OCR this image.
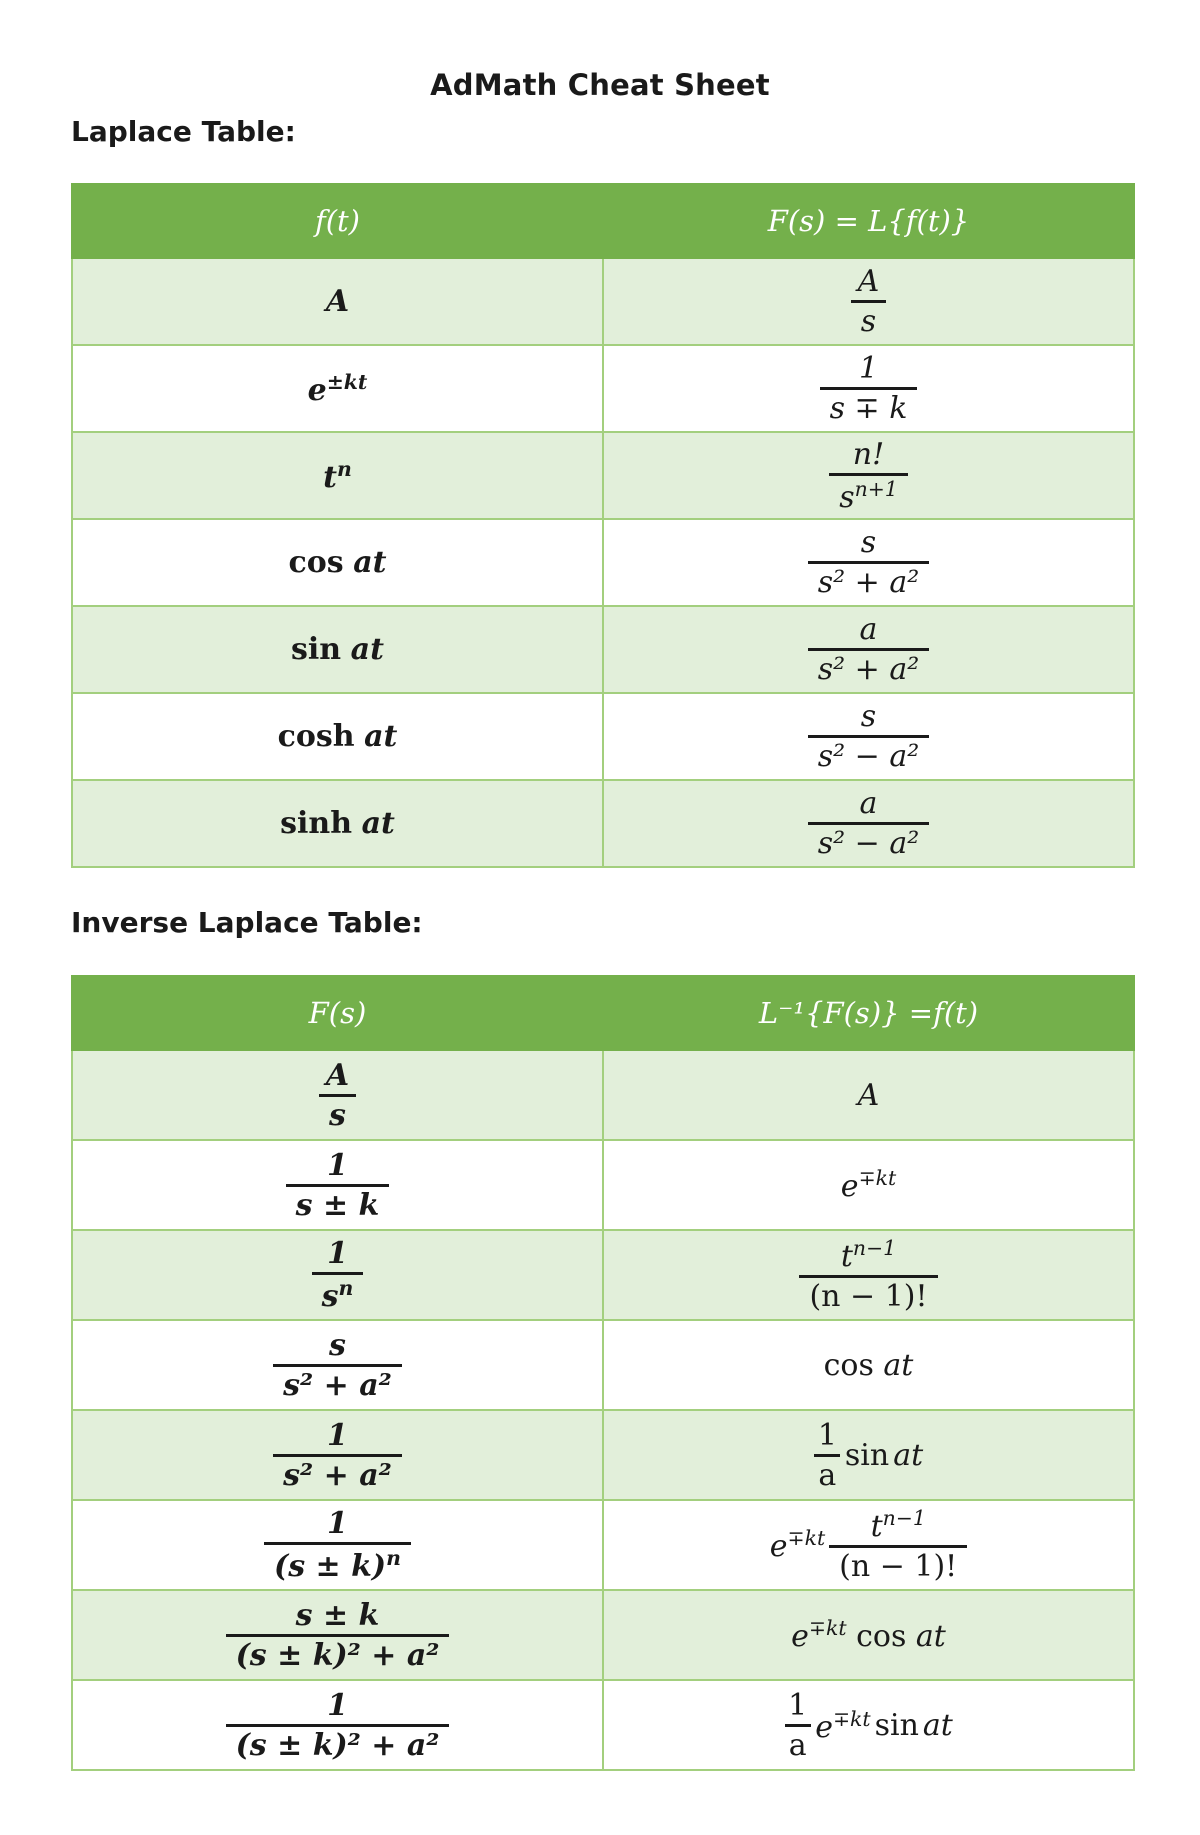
AdMath Cheat Sheet
Laplace Table:
f(t)	F(s) = L{f(t)}
A	$\frac{A}{s}$

$e^{\pm kt}$	$\frac{1}{s \mp k}$

$t^n$	$\frac{n!}{s^{n+1}}$

cos at	$\frac{s}{\text{s² + a²}}$

sin at	$\frac{a}{\text{s² + a²}}$

cosh at	$\frac{s}{\text{s² − a²}}$

sinh at	$\frac{a}{\text{s² − a²}}$
Inverse Laplace Table:
F(s)	L⁻¹{F(s)} =f(t)

$\frac{A}{s}$	A

$\frac{1}{s \pm k}$	$e^{\mp kt}$

$\frac{1}{s^n}$	$\frac{t^{n-1}}{(n - 1)!}$

$\frac{s}{\text{s² + a²}}$	cos at

$\frac{1}{\text{s² + a²}}$	$\frac{1}{a}$ sin at

$\frac{1}{(s \pm k)^n}$	$e^{\mp kt} \frac{t^{n-1}}{(n - 1)!}$

$\frac{s \pm k}{\text{(s ± k)² + a²}}$	$e^{\mp kt}$ cos at

$\frac{1}{\text{(s ± k)² + a²}}$	$\frac{1}{a} e^{\mp kt}$ sin at
